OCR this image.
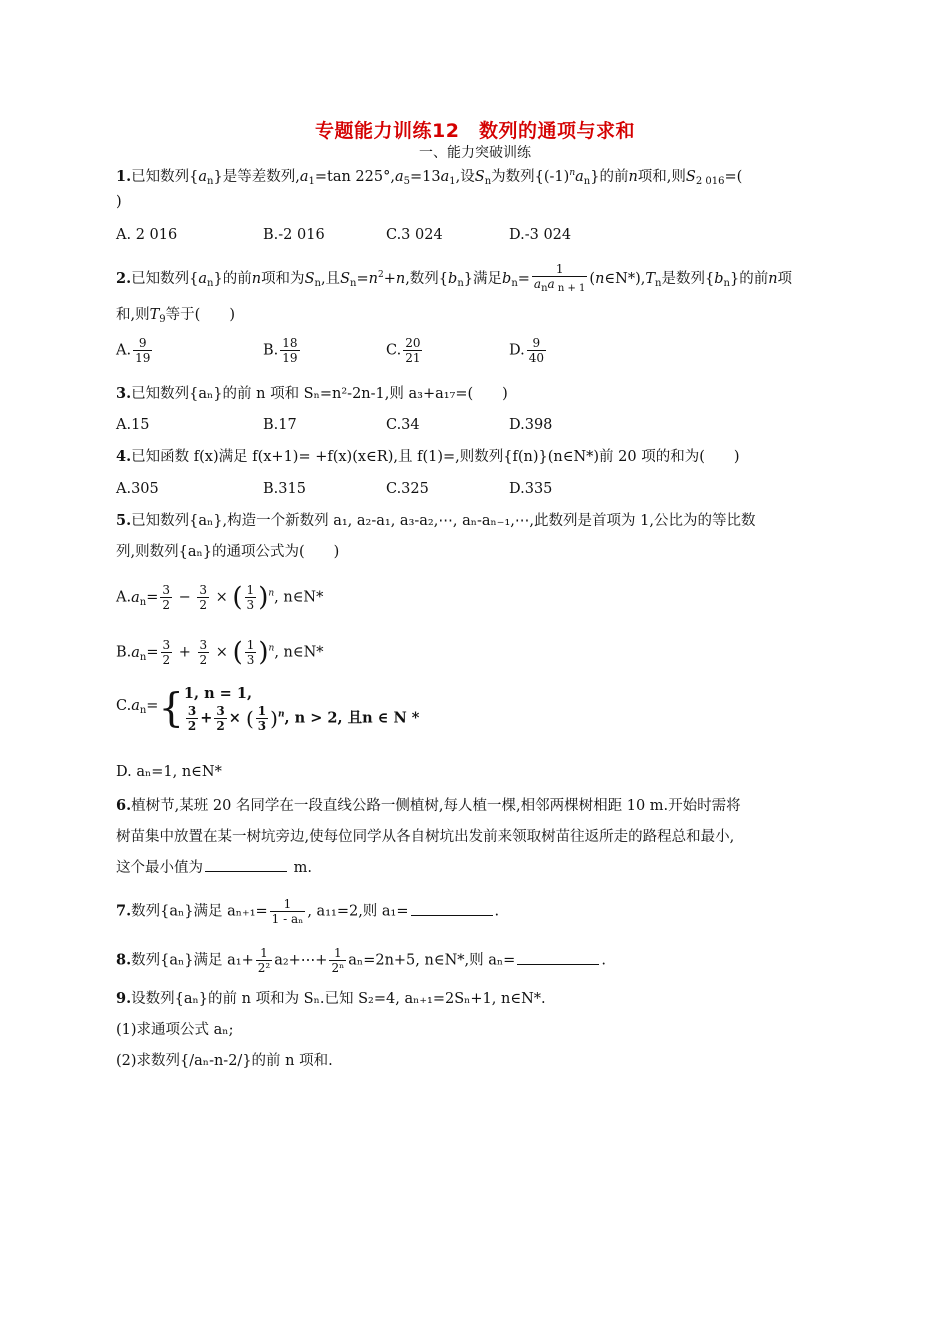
专题能力训练12　数列的通项与求和
一、能力突破训练
1.已知数列$\{a_n\}$是等差数列$,a_1=\tan$ $225^\circ,a_5=13a_1$,设$S_n$为数列$\{(-1)^na_n\}$的前n项和,则$S_{2 016}=$(
)
A. 2 016	B.-2 016	C.3 024	D.-3 024
2.已知数列$\{a_n\}$的前n项和为$S_n$,且$S_n=n^2+n$,数列$\{b_n\}$满足$b_n= \frac{1}{a_na _{n + 1}}$ $(n\in N*),T_n$是数列$\{b_n\}$的前n项
和,则$T_9$等于(　　)
A. $\frac{9}{19}$	B. $\frac{18}{19}$	C. $\frac{20}{21}$	D. $\frac{9}{40}$
3.已知数列{aₙ}的前 n 项和 Sₙ=n²-2n-1,则 a₃+a₁₇=(　　)
A.15	B.17	C.34	D.398
4.已知函数 f(x)满足 f(x+1)= +f(x)(x∈R),且 f(1)=,则数列{f(n)}(n∈N*)前 20 项的和为(　　)
A.305	B.315	C.325	D.335
5.已知数列{aₙ},构造一个新数列 a₁, a₂-a₁, a₃-a₂,⋯, aₙ-aₙ₋₁,⋯,此数列是首项为 1,公比为的等比数
列,则数列{aₙ}的通项公式为(　　)
$A.a_n= \frac{3}{2} - \frac{3}{2}$ × ( $\frac{1}{3} )^n$, n∈N*
$B.a_n= \frac{3}{2} + \frac{3}{2}$ × ( $\frac{1}{3} )^n$, n∈N*
$C.a_n=${ 1, n = 1,
$\frac{3}{2} + \frac{3}{2}$ × ( $\frac{1}{3} )^n$, n > 2, 且n ∈ N *
D. aₙ=1, n∈N*
6.植树节,某班 20 名同学在一段直线公路一侧植树,每人植一棵,相邻两棵树相距 10 m.开始时需将
树苗集中放置在某一树坑旁边,使每位同学从各自树坑出发前来领取树苗往返所走的路程总和最小,
这个最小值为	m.
7.数列{aₙ}满足 $a_{n+1}= \frac{1}{\text{1 - aₙ}}$ , a₁₁=2,则 a₁=	.
8.数列{aₙ}满足 $a_1+ \frac{1}{\text{2²}}$ a₂+⋯+ $\frac{1}{\text{2ⁿ}} a_n=2n+5$, n∈N*,则 aₙ=	.
9.设数列{aₙ}的前 n 项和为 Sₙ.已知 S₂=4, aₙ₊₁=2Sₙ+1, n∈N*.
(1)求通项公式 aₙ;
(2)求数列{/aₙ-n-2/}的前 n 项和.
